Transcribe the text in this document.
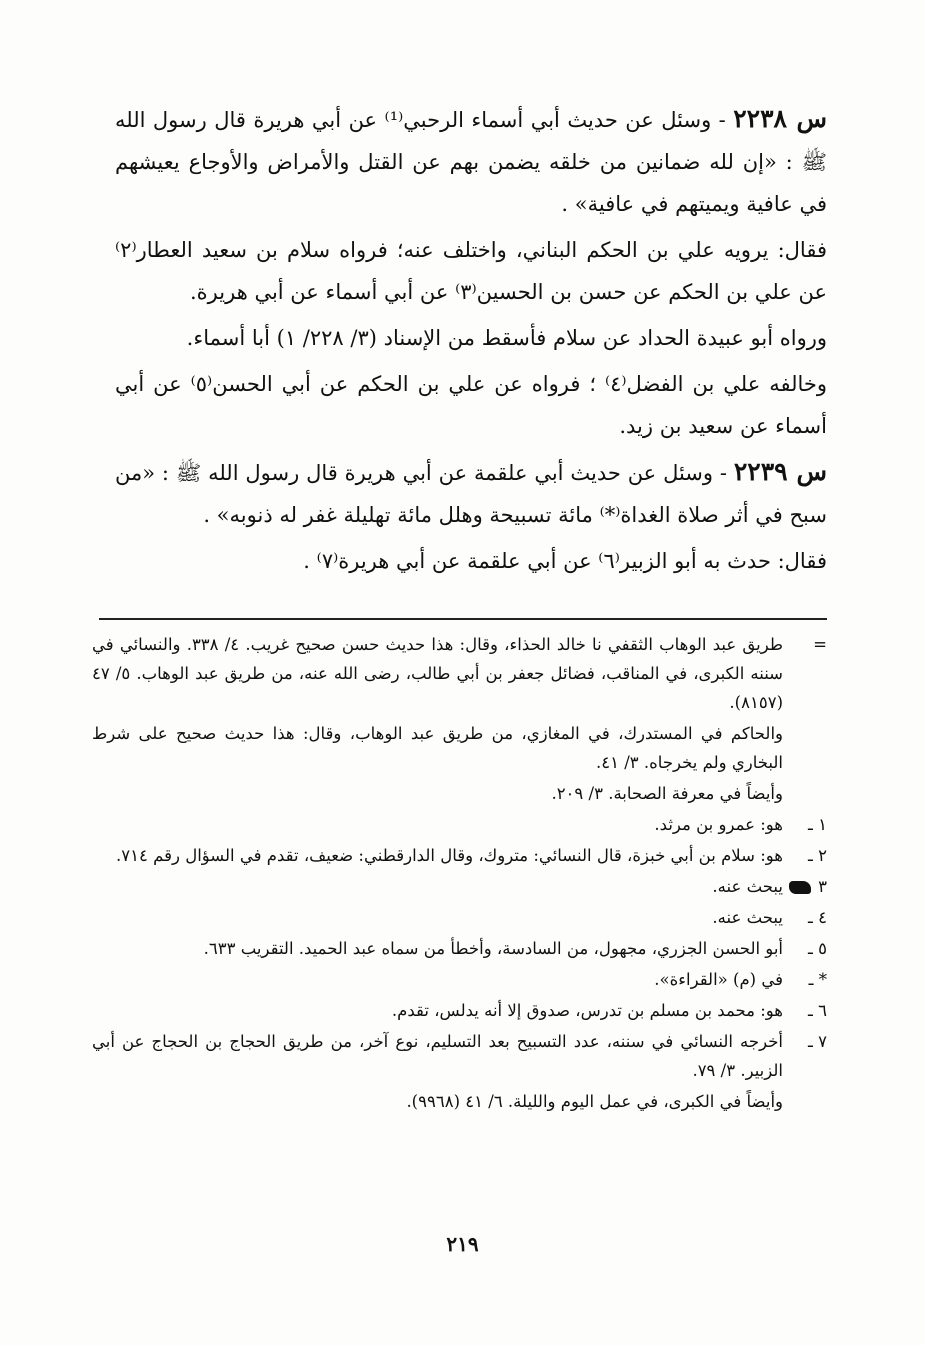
س ٢٢٣٨ - وسئل عن حديث أبي أسماء الرحبي⁽¹⁾ عن أبي هريرة قال رسول الله ﷺ : «إن لله ضمانين من خلقه يضمن بهم عن القتل والأمراض والأوجاع يعيشهم في عافية ويميتهم في عافية» .

فقال: يرويه علي بن الحكم البناني، واختلف عنه؛ فرواه سلام بن سعيد العطار⁽٢⁾ عن علي بن الحكم عن حسن بن الحسين⁽٣⁾ عن أبي أسماء عن أبي هريرة.

ورواه أبو عبيدة الحداد عن سلام فأسقط من الإسناد (٣/ ٢٢٨/ ١) أبا أسماء.

وخالفه علي بن الفضل⁽٤⁾ ؛ فرواه عن علي بن الحكم عن أبي الحسن⁽٥⁾ عن أبي أسماء عن سعيد بن زيد.

س ٢٢٣٩ - وسئل عن حديث أبي علقمة عن أبي هريرة قال رسول الله ﷺ : «من سبح في أثر صلاة الغداة⁽*⁾ مائة تسبيحة وهلل مائة تهليلة غفر له ذنوبه» .

فقال: حدث به أبو الزبير⁽٦⁾ عن أبي علقمة عن أبي هريرة⁽٧⁾ .

=
طريق عبد الوهاب الثقفي نا خالد الحذاء، وقال: هذا حديث حسن صحيح غريب. ٤/ ٣٣٨. والنسائي في سننه الكبرى، في المناقب، فضائل جعفر بن أبي طالب، رضى الله عنه، من طريق عبد الوهاب. ٥/ ٤٧ (٨١٥٧).
والحاكم في المستدرك، في المغازي، من طريق عبد الوهاب، وقال: هذا حديث صحيح على شرط البخاري ولم يخرجاه. ٣/ ٤١.
وأيضاً في معرفة الصحابة. ٣/ ٢٠٩.
١ ـ
هو: عمرو بن مرثد.
٢ ـ
هو: سلام بن أبي خبزة، قال النسائي: متروك، وقال الدارقطني: ضعيف، تقدم في السؤال رقم ٧١٤.
٣
يبحث عنه.
٤ ـ
يبحث عنه.
٥ ـ
أبو الحسن الجزري، مجهول، من السادسة، وأخطأ من سماه عبد الحميد. التقريب ٦٣٣.
* ـ
في (م) «القراءة».
٦ ـ
هو: محمد بن مسلم بن تدرس، صدوق إلا أنه يدلس، تقدم.
٧ ـ
أخرجه النسائي في سننه، عدد التسبيح بعد التسليم، نوع آخر، من طريق الحجاج بن الحجاج عن أبي الزبير. ٣/ ٧٩.
وأيضاً في الكبرى، في عمل اليوم والليلة. ٦/ ٤١ (٩٩٦٨).
٢١٩
